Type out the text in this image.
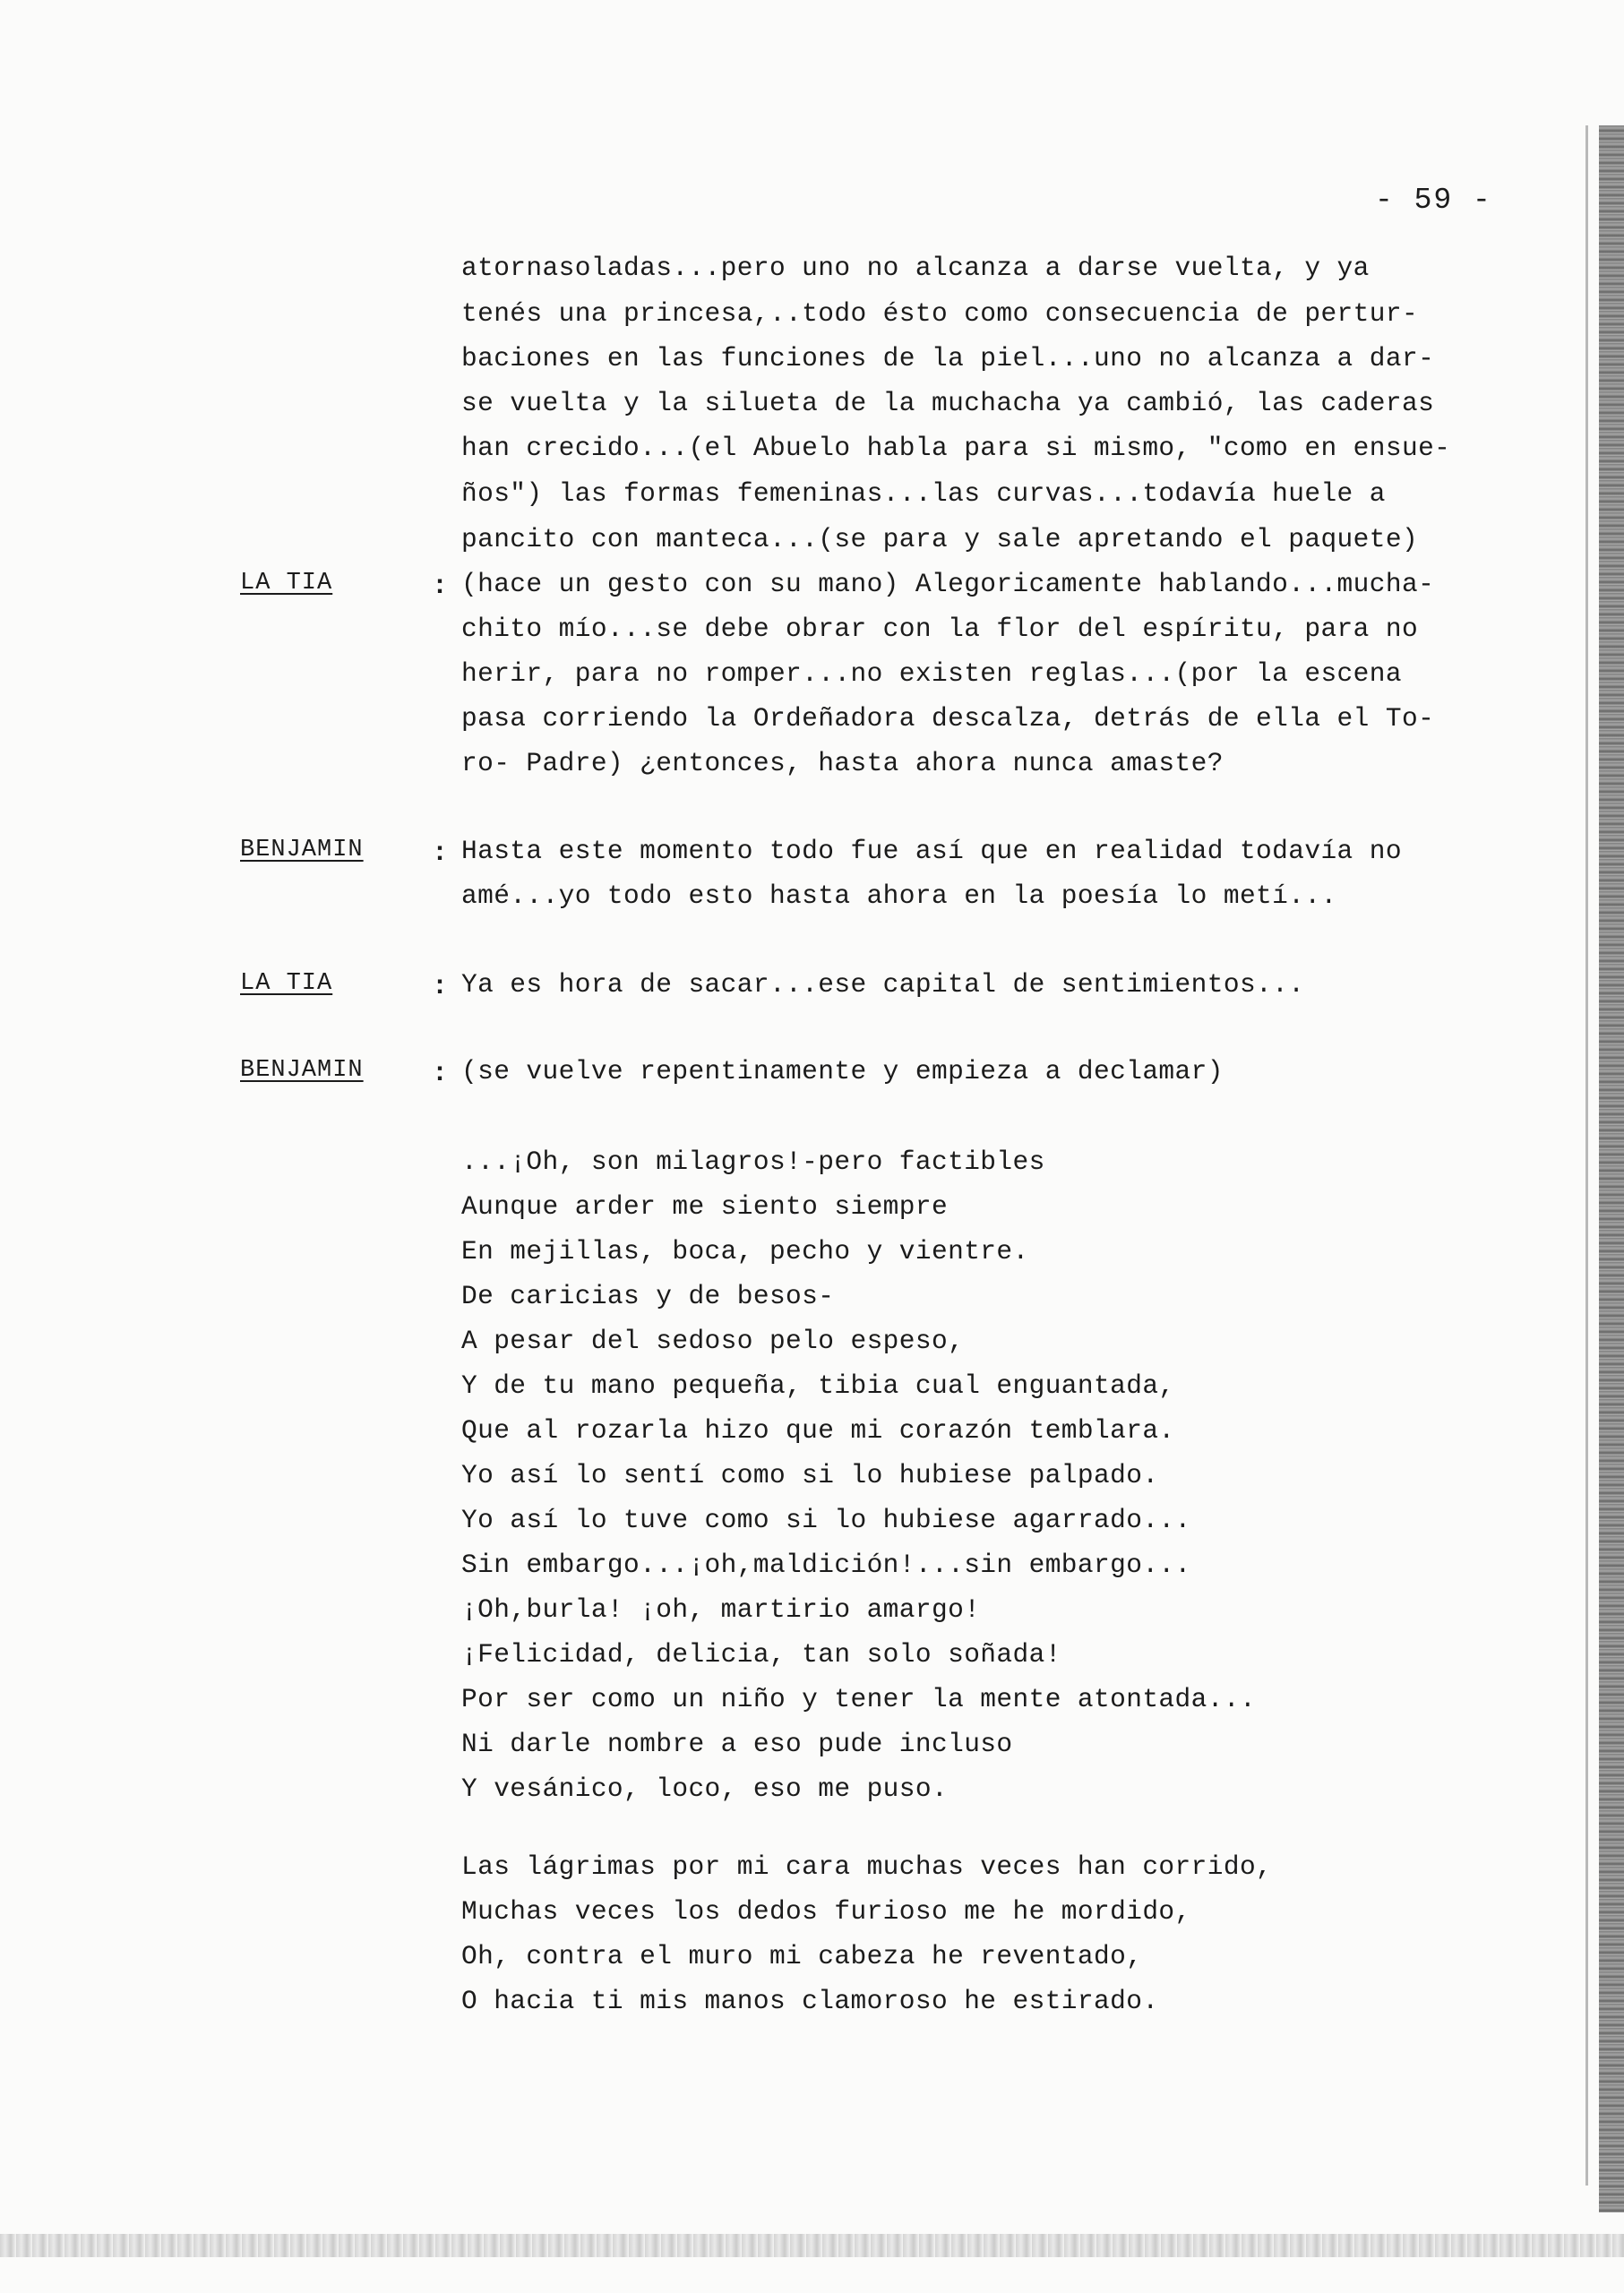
- 59 -
atornasoladas...pero uno no alcanza a darse vuelta, y ya
tenés una princesa,..todo ésto como consecuencia de pertur-
baciones en las funciones de la piel...uno no alcanza a dar-
se vuelta y la silueta de la muchacha ya cambió, las caderas
han crecido...(el Abuelo habla para si mismo, "como en ensue-
ños") las formas femeninas...las curvas...todavía huele a
pancito con manteca...(se para y sale apretando el paquete)
LA TIA	: (hace un gesto con su mano) Alegoricamente hablando...mucha-
chito mío...se debe obrar con la flor del espíritu, para no
herir, para no romper...no existen reglas...(por la escena
pasa corriendo la Ordeñadora descalza, detrás de ella el To-
ro- Padre) ¿entonces, hasta ahora nunca amaste?
BENJAMIN	: Hasta este momento todo fue así que en realidad todavía no
amé...yo todo esto hasta ahora en la poesía lo metí...
LA TIA	: Ya es hora de sacar...ese capital de sentimientos...
BENJAMIN	: (se vuelve repentinamente y empieza a declamar)
...¡Oh, son milagros!-pero factibles
Aunque arder me siento siempre
En mejillas, boca, pecho y vientre.
De caricias y de besos-
A pesar del sedoso pelo espeso,
Y de tu mano pequeña, tibia cual enguantada,
Que al rozarla hizo que mi corazón temblara.
Yo así lo sentí como si lo hubiese palpado.
Yo así lo tuve como si lo hubiese agarrado...
Sin embargo...¡oh,maldición!...sin embargo...
¡Oh,burla! ¡oh, martirio amargo!
¡Felicidad, delicia, tan solo soñada!
Por ser como un niño y tener la mente atontada...
Ni darle nombre a eso pude incluso
Y vesánico, loco, eso me puso.
Las lágrimas por mi cara muchas veces han corrido,
Muchas veces los dedos furioso me he mordido,
Oh, contra el muro mi cabeza he reventado,
O hacia ti mis manos clamoroso he estirado.
